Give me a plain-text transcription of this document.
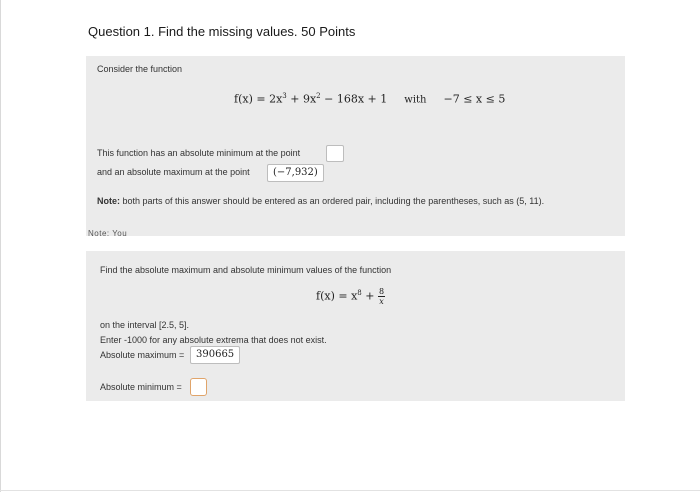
Question 1. Find the missing values. 50 Points
Consider the function
$f(x) = 2x^3 + 9x^2 - 168x + 1$ with −7 ≤ x ≤ 5
This function has an absolute minimum at the point
and an absolute maximum at the point	(−7,932)
Note: both parts of this answer should be entered as an ordered pair, including the parentheses, such as (5, 11).
Note: You
Find the absolute maximum and absolute minimum values of the function
$f(x) = x^8 + \frac{8}{x}$
on the interval [2.5, 5].
Enter -1000 for any absolute extrema that does not exist.
Absolute maximum =	390665
Absolute minimum =
